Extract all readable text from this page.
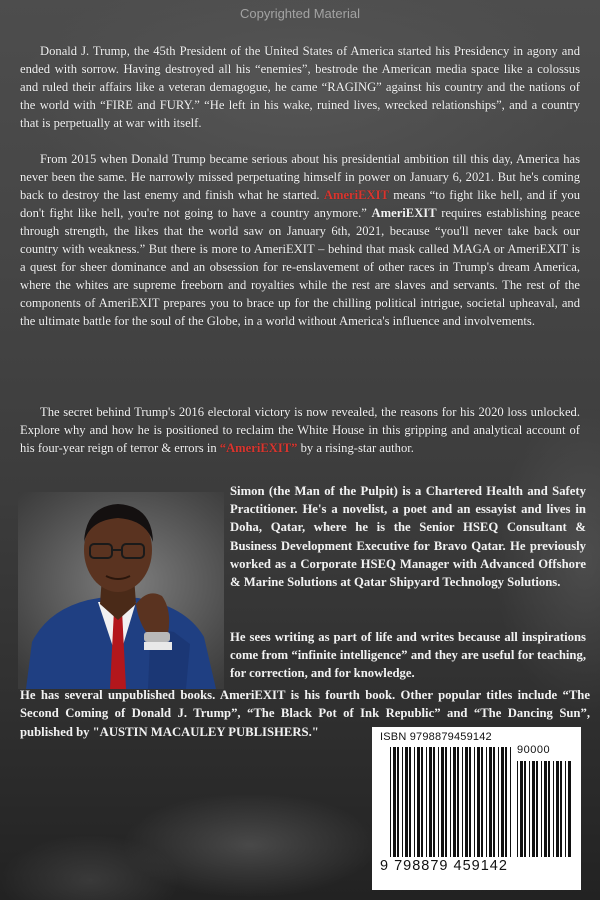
Copyrighted Material

Donald J. Trump, the 45th President of the United States of America started his Presidency in agony and ended with sorrow. Having destroyed all his “enemies”, bestrode the American media space like a colossus and ruled their affairs like a veteran demagogue, he came “RAGING” against his country and the nations of the world with “FIRE and FURY.” “He left in his wake, ruined lives, wrecked relationships”, and a country that is perpetually at war with itself.

From 2015 when Donald Trump became serious about his presidential ambition till this day, America has never been the same. He narrowly missed perpetuating himself in power on January 6, 2021. But he's coming back to destroy the last enemy and finish what he started. AmeriEXIT means “to fight like hell, and if you don't fight like hell, you're not going to have a country anymore.” AmeriEXIT requires establishing peace through strength, the likes that the world saw on January 6th, 2021, because “you'll never take back our country with weakness.” But there is more to AmeriEXIT – behind that mask called MAGA or AmeriEXIT is a quest for sheer dominance and an obsession for re-enslavement of other races in Trump's dream America, where the whites are supreme freeborn and royalties while the rest are slaves and servants. The rest of the components of AmeriEXIT prepares you to brace up for the chilling political intrigue, societal upheaval, and the ultimate battle for the soul of the Globe, in a world without America's influence and involvements.

The secret behind Trump's 2016 electoral victory is now revealed, the reasons for his 2020 loss unlocked. Explore why and how he is positioned to reclaim the White House in this gripping and analytical account of his four-year reign of terror & errors in “AmeriEXIT” by a rising-star author.

Simon (the Man of the Pulpit) is a Chartered Health and Safety Practitioner. He's a novelist, a poet and an essayist and lives in Doha, Qatar, where he is the Senior HSEQ Consultant & Business Development Executive for Bravo Qatar. He previously worked as a Corporate HSEQ Manager with Advanced Offshore & Marine Solutions at Qatar Shipyard Technology Solutions.

He sees writing as part of life and writes because all inspirations come from “infinite intelligence” and they are useful for teaching, for correction, and for knowledge.

He has several unpublished books. AmeriEXIT is his fourth book. Other popular titles include “The Second Coming of Donald J. Trump”, “The Black Pot of Ink Republic” and “The Dancing Sun”, published by "AUSTIN MACAULEY PUBLISHERS."	ISBN 9798879459142
90000
9 798879 459142
